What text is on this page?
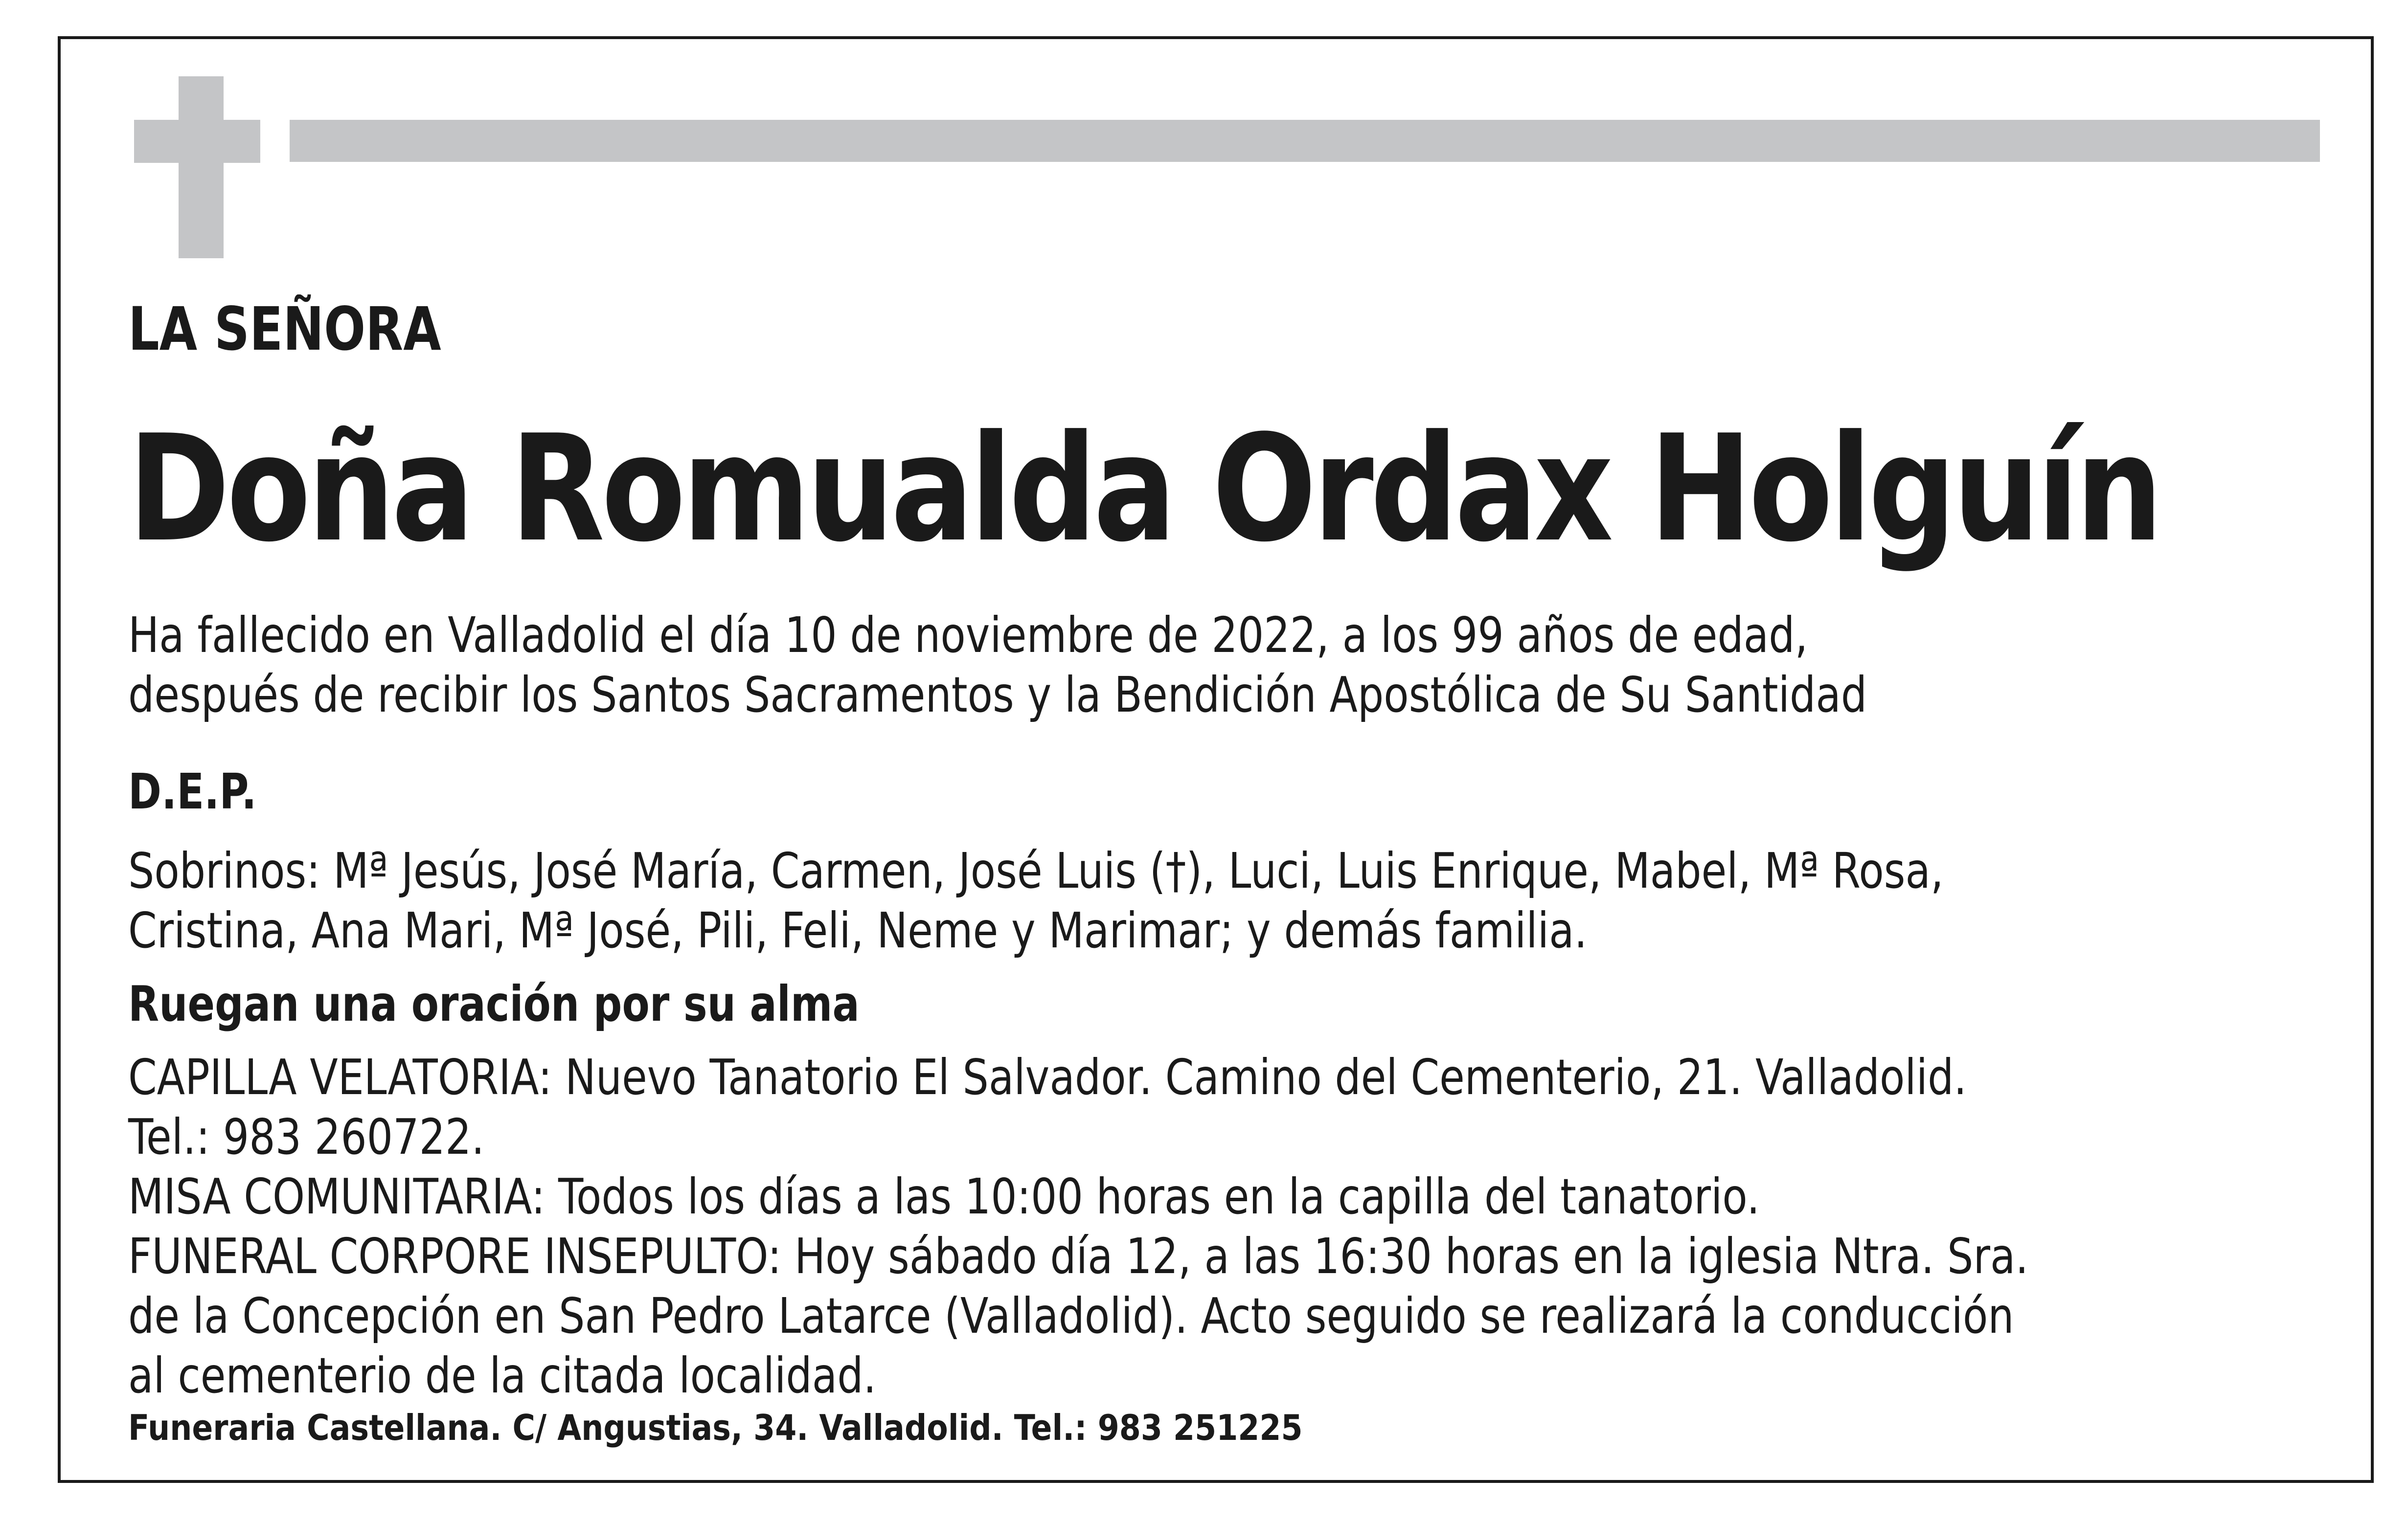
LA SEÑORA

Doña Romualda Ordax Holguín

Ha fallecido en Valladolid el día 10 de noviembre de 2022, a los 99 años de edad,

después de recibir los Santos Sacramentos y la Bendición Apostólica de Su Santidad

D.E.P.

Sobrinos: Mª Jesús, José María, Carmen, José Luis (†), Luci, Luis Enrique, Mabel, Mª Rosa,

Cristina, Ana Mari, Mª José, Pili, Feli, Neme y Marimar; y demás familia.

Ruegan una oración por su alma

CAPILLA VELATORIA: Nuevo Tanatorio El Salvador. Camino del Cementerio, 21. Valladolid.

Tel.: 983 260722.

MISA COMUNITARIA: Todos los días a las 10:00 horas en la capilla del tanatorio.

FUNERAL CORPORE INSEPULTO: Hoy sábado día 12, a las 16:30 horas en la iglesia Ntra. Sra.

de la Concepción en San Pedro Latarce (Valladolid). Acto seguido se realizará la conducción

al cementerio de la citada localidad.

Funeraria Castellana. C/ Angustias, 34. Valladolid. Tel.: 983 251225
